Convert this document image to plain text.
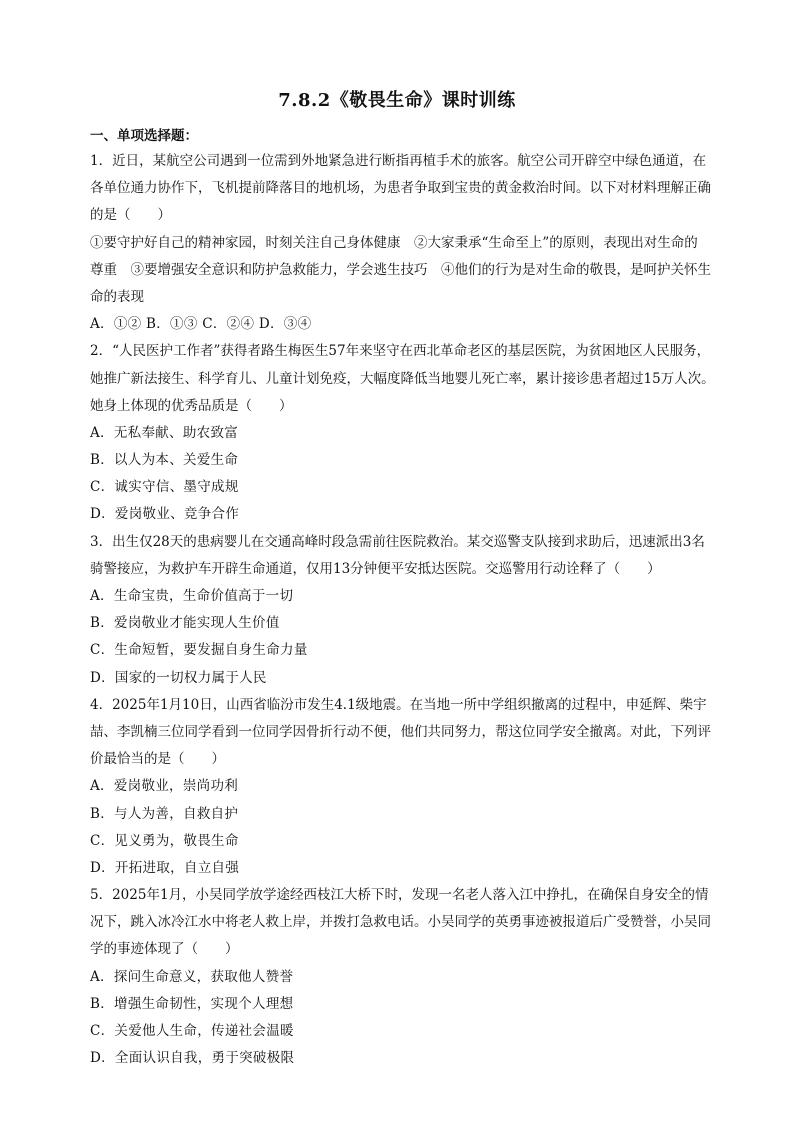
7.8.2《敬畏生命》课时训练
一、单项选择题：
1．近日，某航空公司遇到一位需到外地紧急进行断指再植手术的旅客。航空公司开辟空中绿色通道，在
各单位通力协作下，飞机提前降落目的地机场，为患者争取到宝贵的黄金救治时间。以下对材料理解正确
的是（　　）
①要守护好自己的精神家园，时刻关注自己身体健康　②大家秉承“生命至上”的原则，表现出对生命的
尊重　③要增强安全意识和防护急救能力，学会逃生技巧　④他们的行为是对生命的敬畏，是呵护关怀生
命的表现
A．①② B．①③ C．②④ D．③④
2．“人民医护工作者”获得者路生梅医生57年来坚守在西北革命老区的基层医院，为贫困地区人民服务，
她推广新法接生、科学育儿、儿童计划免疫，大幅度降低当地婴儿死亡率，累计接诊患者超过15万人次。
她身上体现的优秀品质是（　　）
A．无私奉献、助农致富
B．以人为本、关爱生命
C．诚实守信、墨守成规
D．爱岗敬业、竞争合作
3．出生仅28天的患病婴儿在交通高峰时段急需前往医院救治。某交巡警支队接到求助后，迅速派出3名
骑警接应，为救护车开辟生命通道，仅用13分钟便平安抵达医院。交巡警用行动诠释了（　　）
A．生命宝贵，生命价值高于一切
B．爱岗敬业才能实现人生价值
C．生命短暂，要发掘自身生命力量
D．国家的一切权力属于人民
4．2025年1月10日，山西省临汾市发生4.1级地震。在当地一所中学组织撤离的过程中，申延辉、柴宇
喆、李凯楠三位同学看到一位同学因骨折行动不便，他们共同努力，帮这位同学安全撤离。对此，下列评
价最恰当的是（　　）
A．爱岗敬业，崇尚功利
B．与人为善，自救自护
C．见义勇为，敬畏生命
D．开拓进取，自立自强
5．2025年1月，小吴同学放学途经西枝江大桥下时，发现一名老人落入江中挣扎，在确保自身安全的情
况下，跳入冰冷江水中将老人救上岸，并拨打急救电话。小吴同学的英勇事迹被报道后广受赞誉，小吴同
学的事迹体现了（　　）
A．探问生命意义，获取他人赞誉
B．增强生命韧性，实现个人理想
C．关爱他人生命，传递社会温暖
D．全面认识自我，勇于突破极限
